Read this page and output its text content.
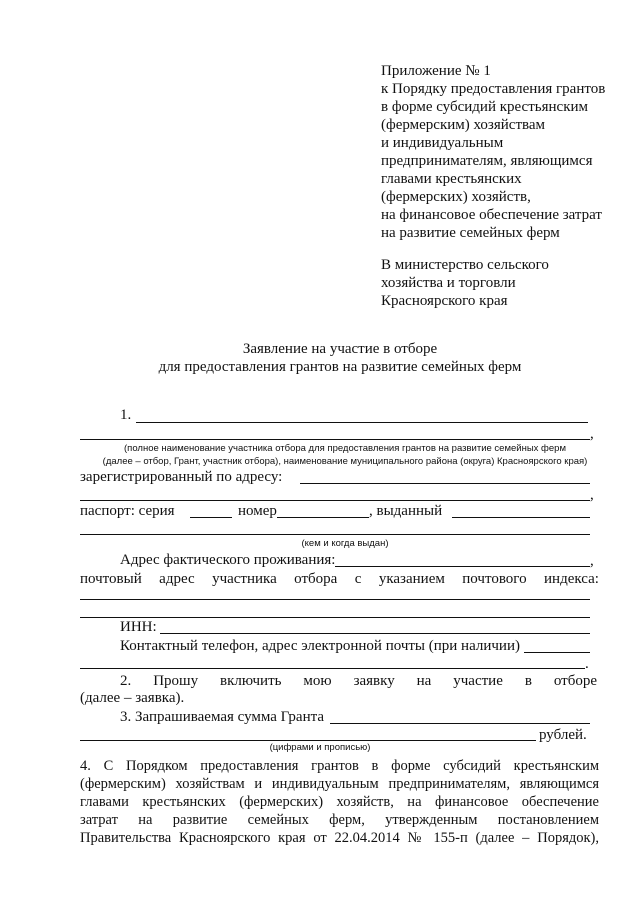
Приложение № 1
к Порядку предоставления грантов
в форме субсидий крестьянским
(фермерским) хозяйствам
и индивидуальным
предпринимателям, являющимся
главами крестьянских
(фермерских) хозяйств,
на финансовое обеспечение затрат
на развитие семейных ферм
В министерство сельского
хозяйства и торговли
Красноярского края
Заявление на участие в отборе
для предоставления грантов на развитие семейных ферм
1.
,
(полное наименование участника отбора для предоставления грантов на развитие семейных ферм
(далее – отбор, Грант, участник отбора), наименование муниципального района (округа) Красноярского края)
зарегистрированный по адресу:
,
паспорт: серия	номер	, выданный
(кем и когда выдан)
Адрес фактического проживания:	,
почтовый адрес участника отбора с указанием почтового индекса:
ИНН:
Контактный телефон, адрес электронной почты (при наличии)
.
2. Прошу включить мою заявку на участие в отборе
(далее – заявка).
3. Запрашиваемая сумма Гранта
рублей.
(цифрами и прописью)
4. С Порядком предоставления грантов в форме субсидий крестьянским
(фермерским) хозяйствам и индивидуальным предпринимателям, являющимся
главами крестьянских (фермерских) хозяйств, на финансовое обеспечение
затрат на развитие семейных ферм, утвержденным постановлением
Правительства Красноярского края от 22.04.2014 № 155-п (далее – Порядок),
